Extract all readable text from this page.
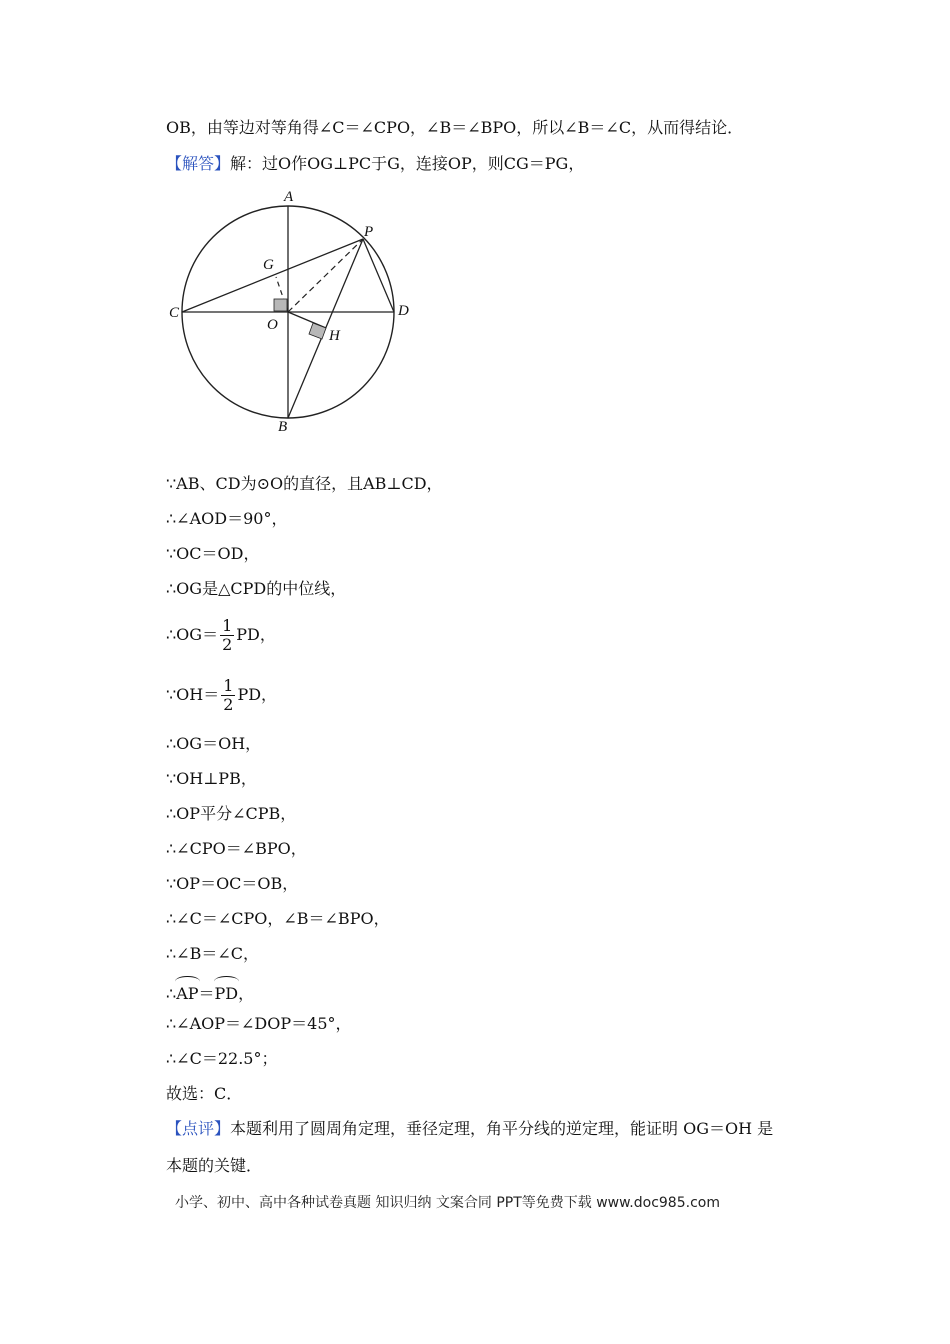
OB，由等边对等角得∠C＝∠CPO，∠B＝∠BPO，所以∠B＝∠C，从而得结论．
【解答】解：过O作OG⊥PC于G，连接OP，则CG＝PG，
A
B
C	D
P
G
O
H
∵AB、CD为⊙O的直径，且AB⊥CD，
∴∠AOD＝90°，
∵OC＝OD，
∴OG是△CPD的中位线，
∴OG＝ $\frac{1}{2}$ PD，
∵OH＝ $\frac{1}{2}$ PD，
∴OG＝OH，
∵OH⊥PB，
∴OP平分∠CPB，
∴∠CPO＝∠BPO，
∵OP＝OC＝OB，
∴∠C＝∠CPO，∠B＝∠BPO，
∴∠B＝∠C，
∴AP＝PD，
∴∠AOP＝∠DOP＝45°，
∴∠C＝22.5°；
故选：C．
【点评】本题利用了圆周角定理，垂径定理，角平分线的逆定理，能证明 OG＝OH 是
本题的关键．
小学、初中、高中各种试卷真题 知识归纳 文案合同 PPT等免费下载 www.doc985.com
